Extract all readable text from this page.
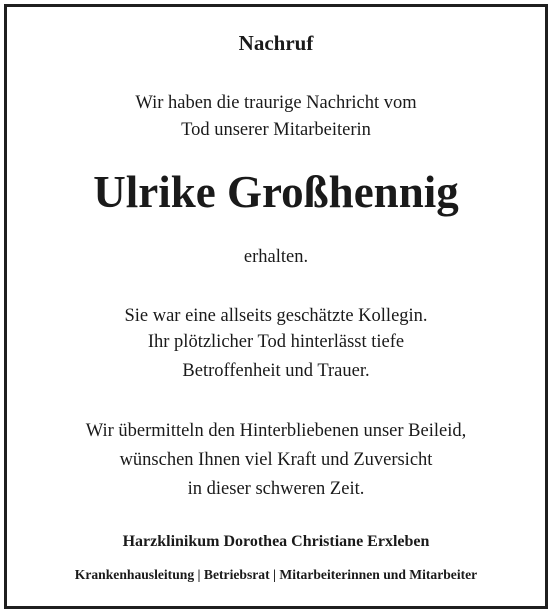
Nachruf
Wir haben die traurige Nachricht vom
Tod unserer Mitarbeiterin
Ulrike Großhennig
erhalten.
Sie war eine allseits geschätzte Kollegin.
Ihr plötzlicher Tod hinterlässt tiefe
Betroffenheit und Trauer.
Wir übermitteln den Hinterbliebenen unser Beileid,
wünschen Ihnen viel Kraft und Zuversicht
in dieser schweren Zeit.
Harzklinikum Dorothea Christiane Erxleben
Krankenhausleitung | Betriebsrat | Mitarbeiterinnen und Mitarbeiter
